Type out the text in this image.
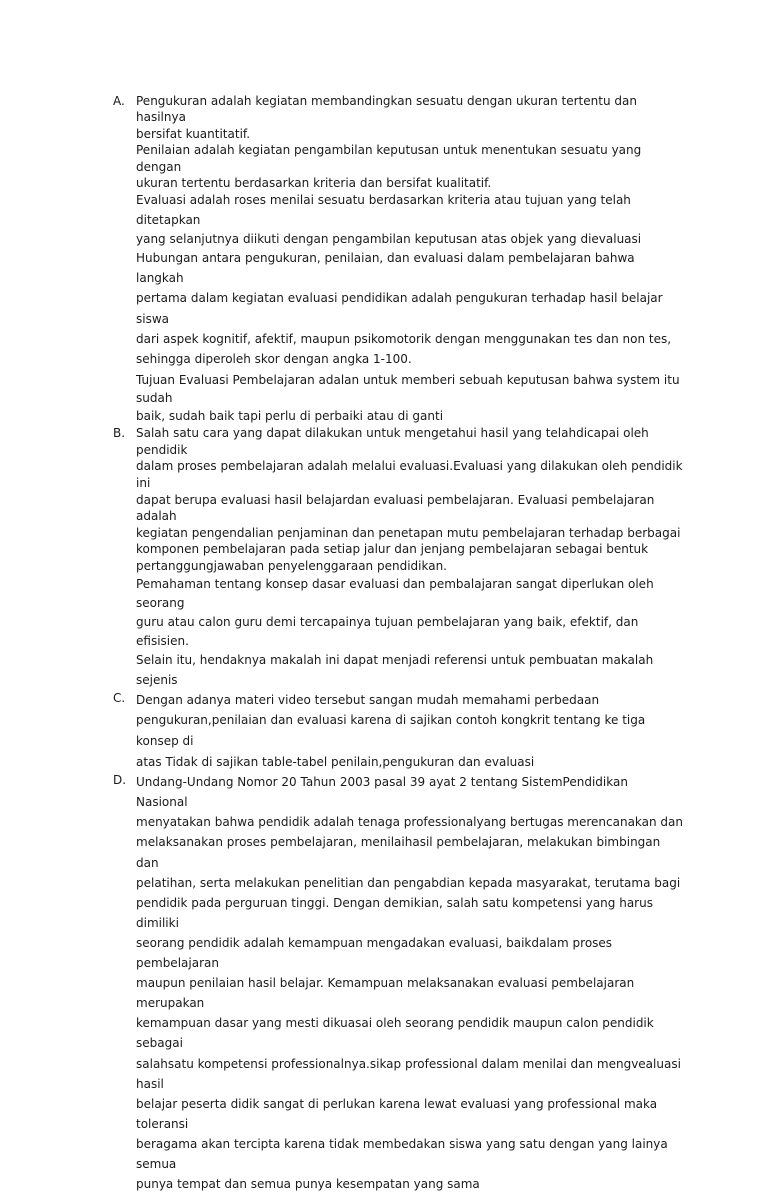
A. Pengukuran adalah kegiatan membandingkan sesuatu dengan ukuran tertentu dan hasilnya
bersifat kuantitatif.

Penilaian adalah kegiatan pengambilan keputusan untuk menentukan sesuatu yang dengan
ukuran tertentu berdasarkan kriteria dan bersifat kualitatif.

Evaluasi adalah roses menilai sesuatu berdasarkan kriteria atau tujuan yang telah ditetapkan
yang selanjutnya diikuti dengan pengambilan keputusan atas objek yang dievaluasi

Hubungan antara pengukuran, penilaian, dan evaluasi dalam pembelajaran bahwa langkah
pertama dalam kegiatan evaluasi pendidikan adalah pengukuran terhadap hasil belajar siswa
dari aspek kognitif, afektif, maupun psikomotorik dengan menggunakan tes dan non tes,
sehingga diperoleh skor dengan angka 1-100.

Tujuan Evaluasi Pembelajaran adalan untuk memberi sebuah keputusan bahwa system itu sudah
baik, sudah baik tapi perlu di perbaiki atau di ganti

B. Salah satu cara yang dapat dilakukan untuk mengetahui hasil yang telahdicapai oleh pendidik
dalam proses pembelajaran adalah melalui evaluasi.Evaluasi yang dilakukan oleh pendidik ini
dapat berupa evaluasi hasil belajardan evaluasi pembelajaran. Evaluasi pembelajaran adalah
kegiatan pengendalian penjaminan dan penetapan mutu pembelajaran terhadap berbagai
komponen pembelajaran pada setiap jalur dan jenjang pembelajaran sebagai bentuk
pertanggungjawaban penyelenggaraan pendidikan.

Pemahaman tentang konsep dasar evaluasi dan pembalajaran sangat diperlukan oleh seorang
guru atau calon guru demi tercapainya tujuan pembelajaran yang baik, efektif, dan efisisien.
Selain itu, hendaknya makalah ini dapat menjadi referensi untuk pembuatan makalah sejenis

C. Dengan adanya materi video tersebut sangan mudah memahami perbedaan
pengukuran,penilaian dan evaluasi karena di sajikan contoh kongkrit tentang ke tiga konsep di
atas Tidak di sajikan table-tabel penilain,pengukuran dan evaluasi

D. Undang-Undang Nomor 20 Tahun 2003 pasal 39 ayat 2 tentang SistemPendidikan Nasional
menyatakan bahwa pendidik adalah tenaga professionalyang bertugas merencanakan dan
melaksanakan proses pembelajaran, menilaihasil pembelajaran, melakukan bimbingan dan
pelatihan, serta melakukan penelitian dan pengabdian kepada masyarakat, terutama bagi
pendidik pada perguruan tinggi. Dengan demikian, salah satu kompetensi yang harus dimiliki
seorang pendidik adalah kemampuan mengadakan evaluasi, baikdalam proses pembelajaran
maupun penilaian hasil belajar. Kemampuan melaksanakan evaluasi pembelajaran merupakan
kemampuan dasar yang mesti dikuasai oleh seorang pendidik maupun calon pendidik sebagai
salahsatu kompetensi professionalnya.sikap professional dalam menilai dan mengvealuasi hasil
belajar peserta didik sangat di perlukan karena lewat evaluasi yang professional maka toleransi
beragama akan tercipta karena tidak membedakan siswa yang satu dengan yang lainya semua
punya tempat dan semua punya kesempatan yang sama
